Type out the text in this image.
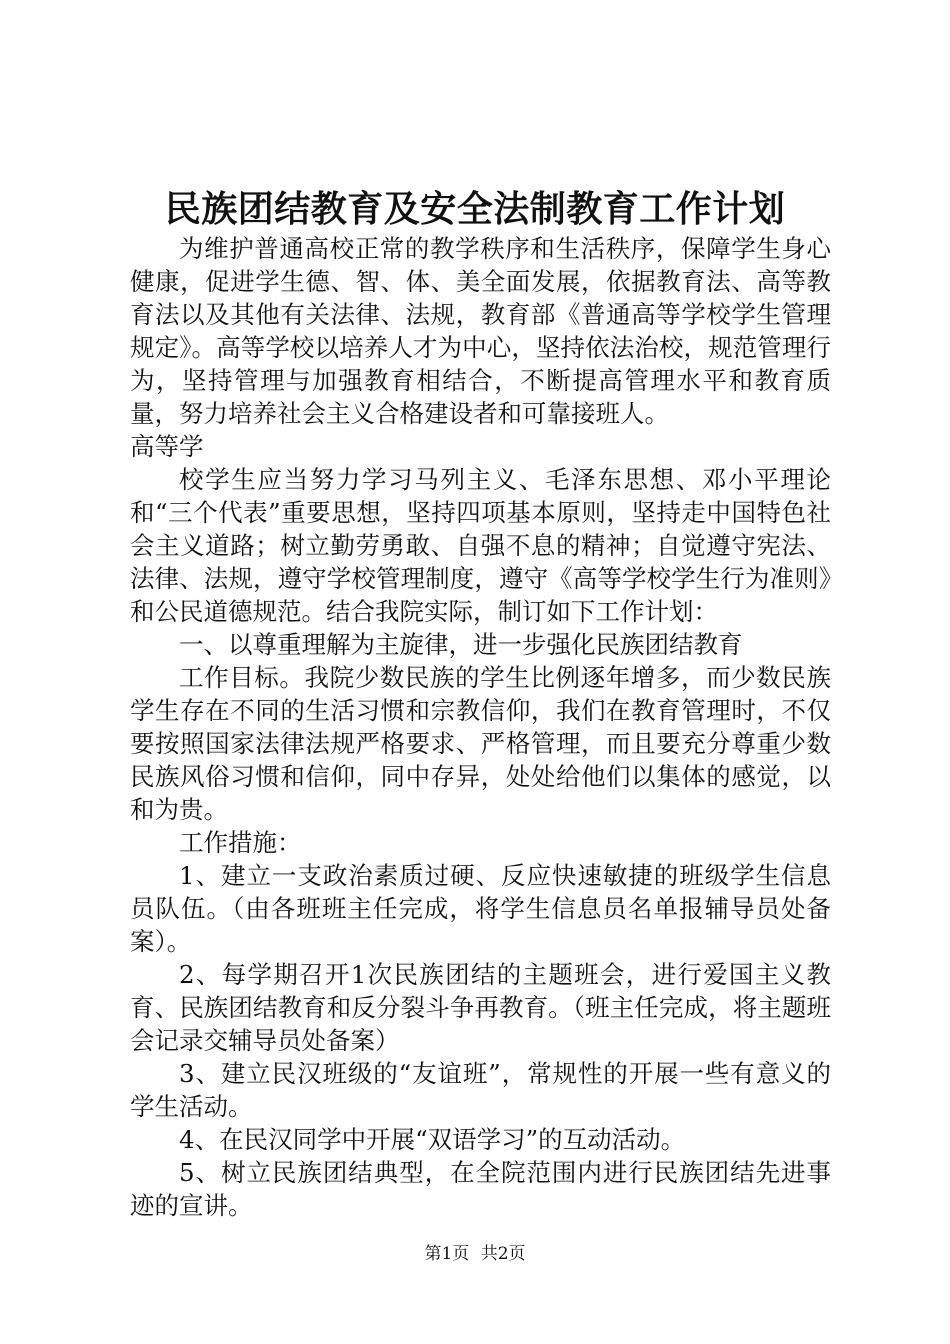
民族团结教育及安全法制教育工作计划

为维护普通高校正常的教学秩序和生活秩序，保障学生身心健康，促进学生德、智、体、美全面发展，依据教育法、高等教育法以及其他有关法律、法规，教育部《普通高等学校学生管理规定》。高等学校以培养人才为中心，坚持依法治校，规范管理行为，坚持管理与加强教育相结合，不断提高管理水平和教育质量，努力培养社会主义合格建设者和可靠接班人。

高等学

校学生应当努力学习马列主义、毛泽东思想、邓小平理论和“三个代表”重要思想，坚持四项基本原则，坚持走中国特色社会主义道路；树立勤劳勇敢、自强不息的精神；自觉遵守宪法、法律、法规，遵守学校管理制度，遵守《高等学校学生行为准则》和公民道德规范。结合我院实际，制订如下工作计划：

一、以尊重理解为主旋律，进一步强化民族团结教育

工作目标。我院少数民族的学生比例逐年增多，而少数民族学生存在不同的生活习惯和宗教信仰，我们在教育管理时，不仅要按照国家法律法规严格要求、严格管理，而且要充分尊重少数民族风俗习惯和信仰，同中存异，处处给他们以集体的感觉，以和为贵。

工作措施：

1、建立一支政治素质过硬、反应快速敏捷的班级学生信息员队伍。（由各班班主任完成，将学生信息员名单报辅导员处备案）。

2、每学期召开1次民族团结的主题班会，进行爱国主义教育、民族团结教育和反分裂斗争再教育。（班主任完成，将主题班会记录交辅导员处备案）

3、建立民汉班级的“友谊班”，常规性的开展一些有意义的学生活动。

4、在民汉同学中开展“双语学习”的互动活动。

5、树立民族团结典型，在全院范围内进行民族团结先进事迹的宣讲。

第1页 共2页
